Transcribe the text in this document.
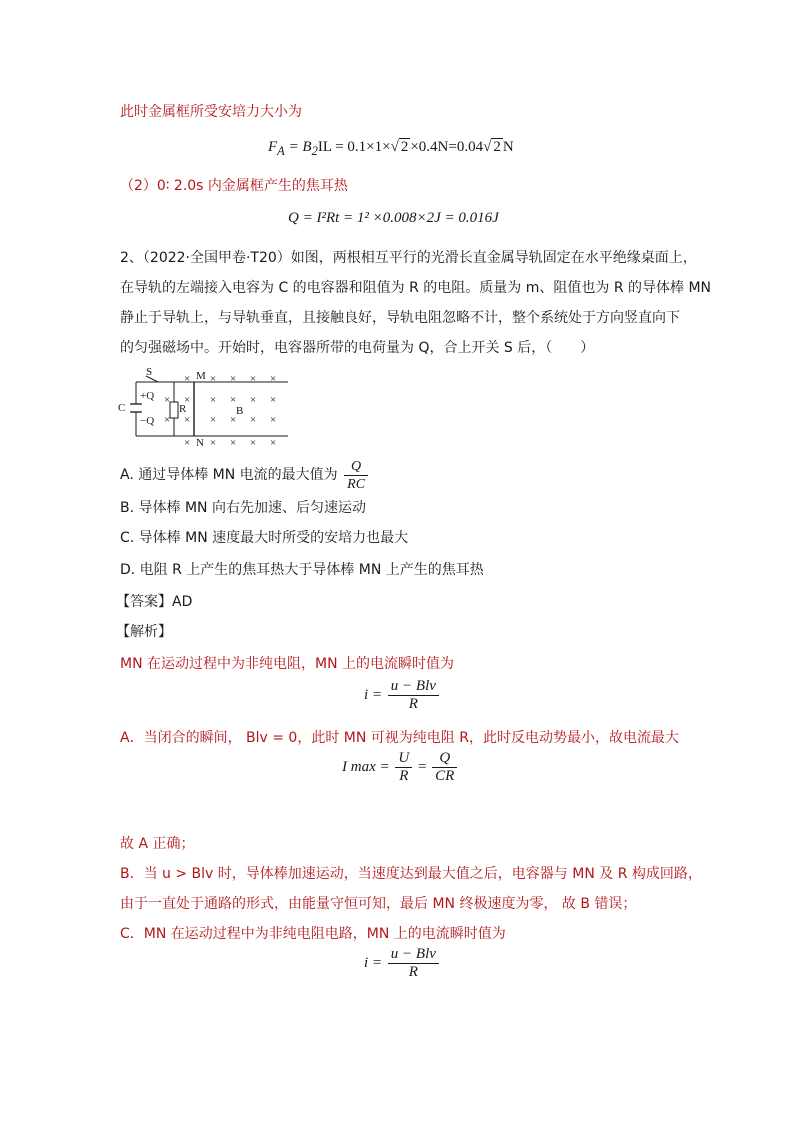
此时金属框所受安培力大小为
$F_A = B_2IL = 0.1\times 1\times√$ 2 ×0.4N=0.04√ 2 N
（2）0∶ 2.0s 内金属框产生的焦耳热
Q = I²Rt = 1² ×0.008×2J = 0.016J
2、（2022·全国甲卷·T20）如图，两根相互平行的光滑长直金属导轨固定在水平绝缘桌面上，
在导轨的左端接入电容为 C 的电容器和阻值为 R 的电阻。质量为 m、阻值也为 R 的导体棒 MN
静止于导轨上，与导轨垂直，且接触良好，导轨电阻忽略不计，整个系统处于方向竖直向下
的匀强磁场中。开始时，电容器所带的电荷量为 Q，合上开关 S 后，（　　）
S	M
N
C
+Q
−Q
R	B
× × × × ×
× × × × × ×
× × × × × ×
× × × × ×
A. 通过导体棒 MN 电流的最大值为 $\frac{Q}{RC}$
B. 导体棒 MN 向右先加速、后匀速运动
C. 导体棒 MN 速度最大时所受的安培力也最大
D. 电阻 R 上产生的焦耳热大于导体棒 MN 上产生的焦耳热
【答案】AD
【解析】
MN 在运动过程中为非纯电阻，MN 上的电流瞬时值为
$i = \frac{\text{u − Blv}}{R}$
A．当闭合的瞬间， Blv = 0，此时 MN 可视为纯电阻 R，此时反电动势最小，故电流最大
I $\max = \frac{U}{R} = \frac{Q}{CR}$
故 A 正确；
B．当 u > Blv 时，导体棒加速运动，当速度达到最大值之后，电容器与 MN 及 R 构成回路，
由于一直处于通路的形式，由能量守恒可知，最后 MN 终极速度为零， 故 B 错误；
C．MN 在运动过程中为非纯电阻电路，MN 上的电流瞬时值为
$i = \frac{\text{u − Blv}}{R}$
